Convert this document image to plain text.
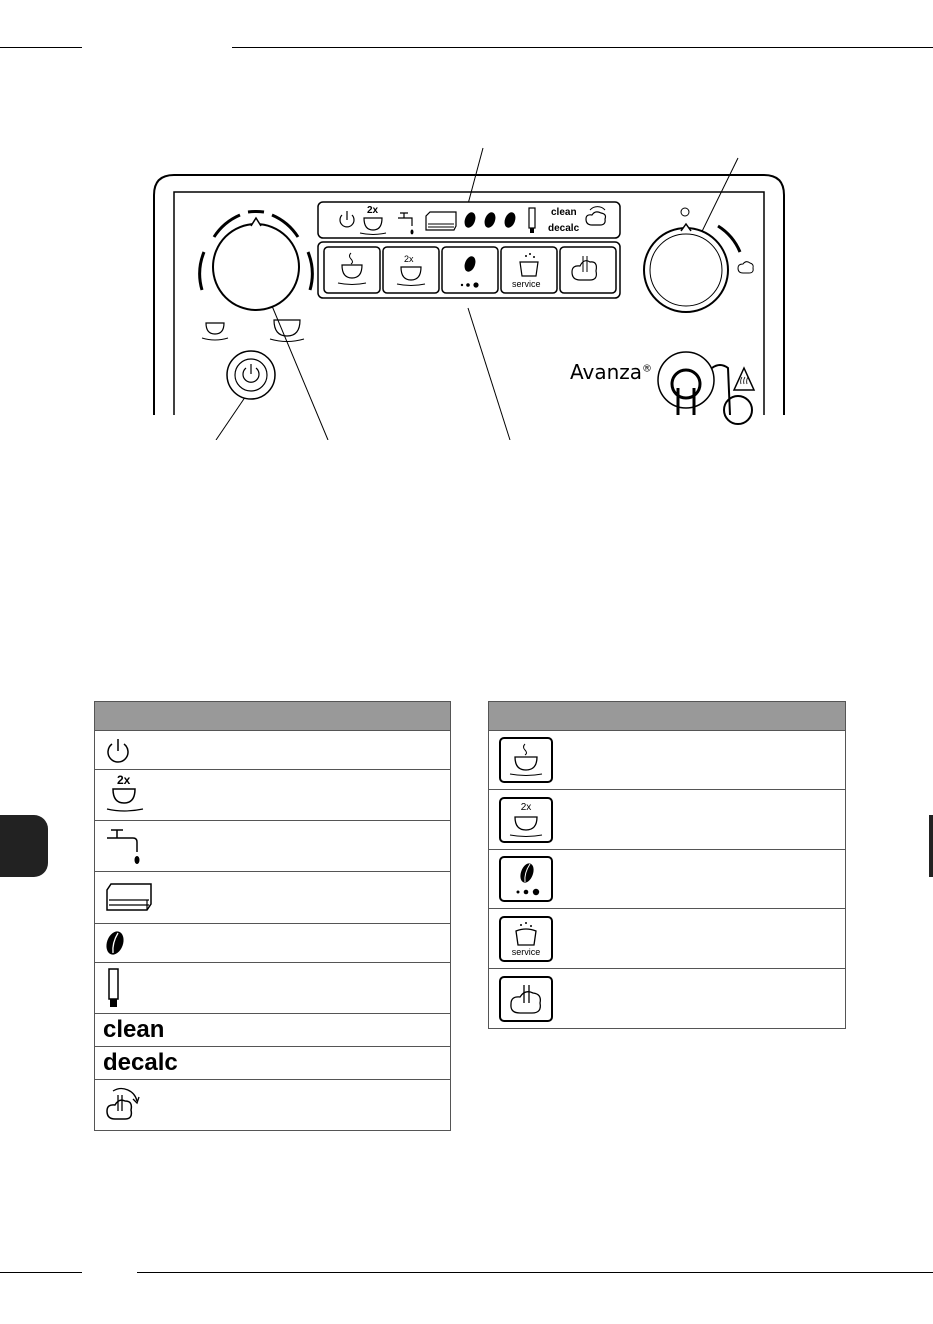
2x	clean
decalc
2x
service
Avanza®
2x
clean
decalc
2x
service
